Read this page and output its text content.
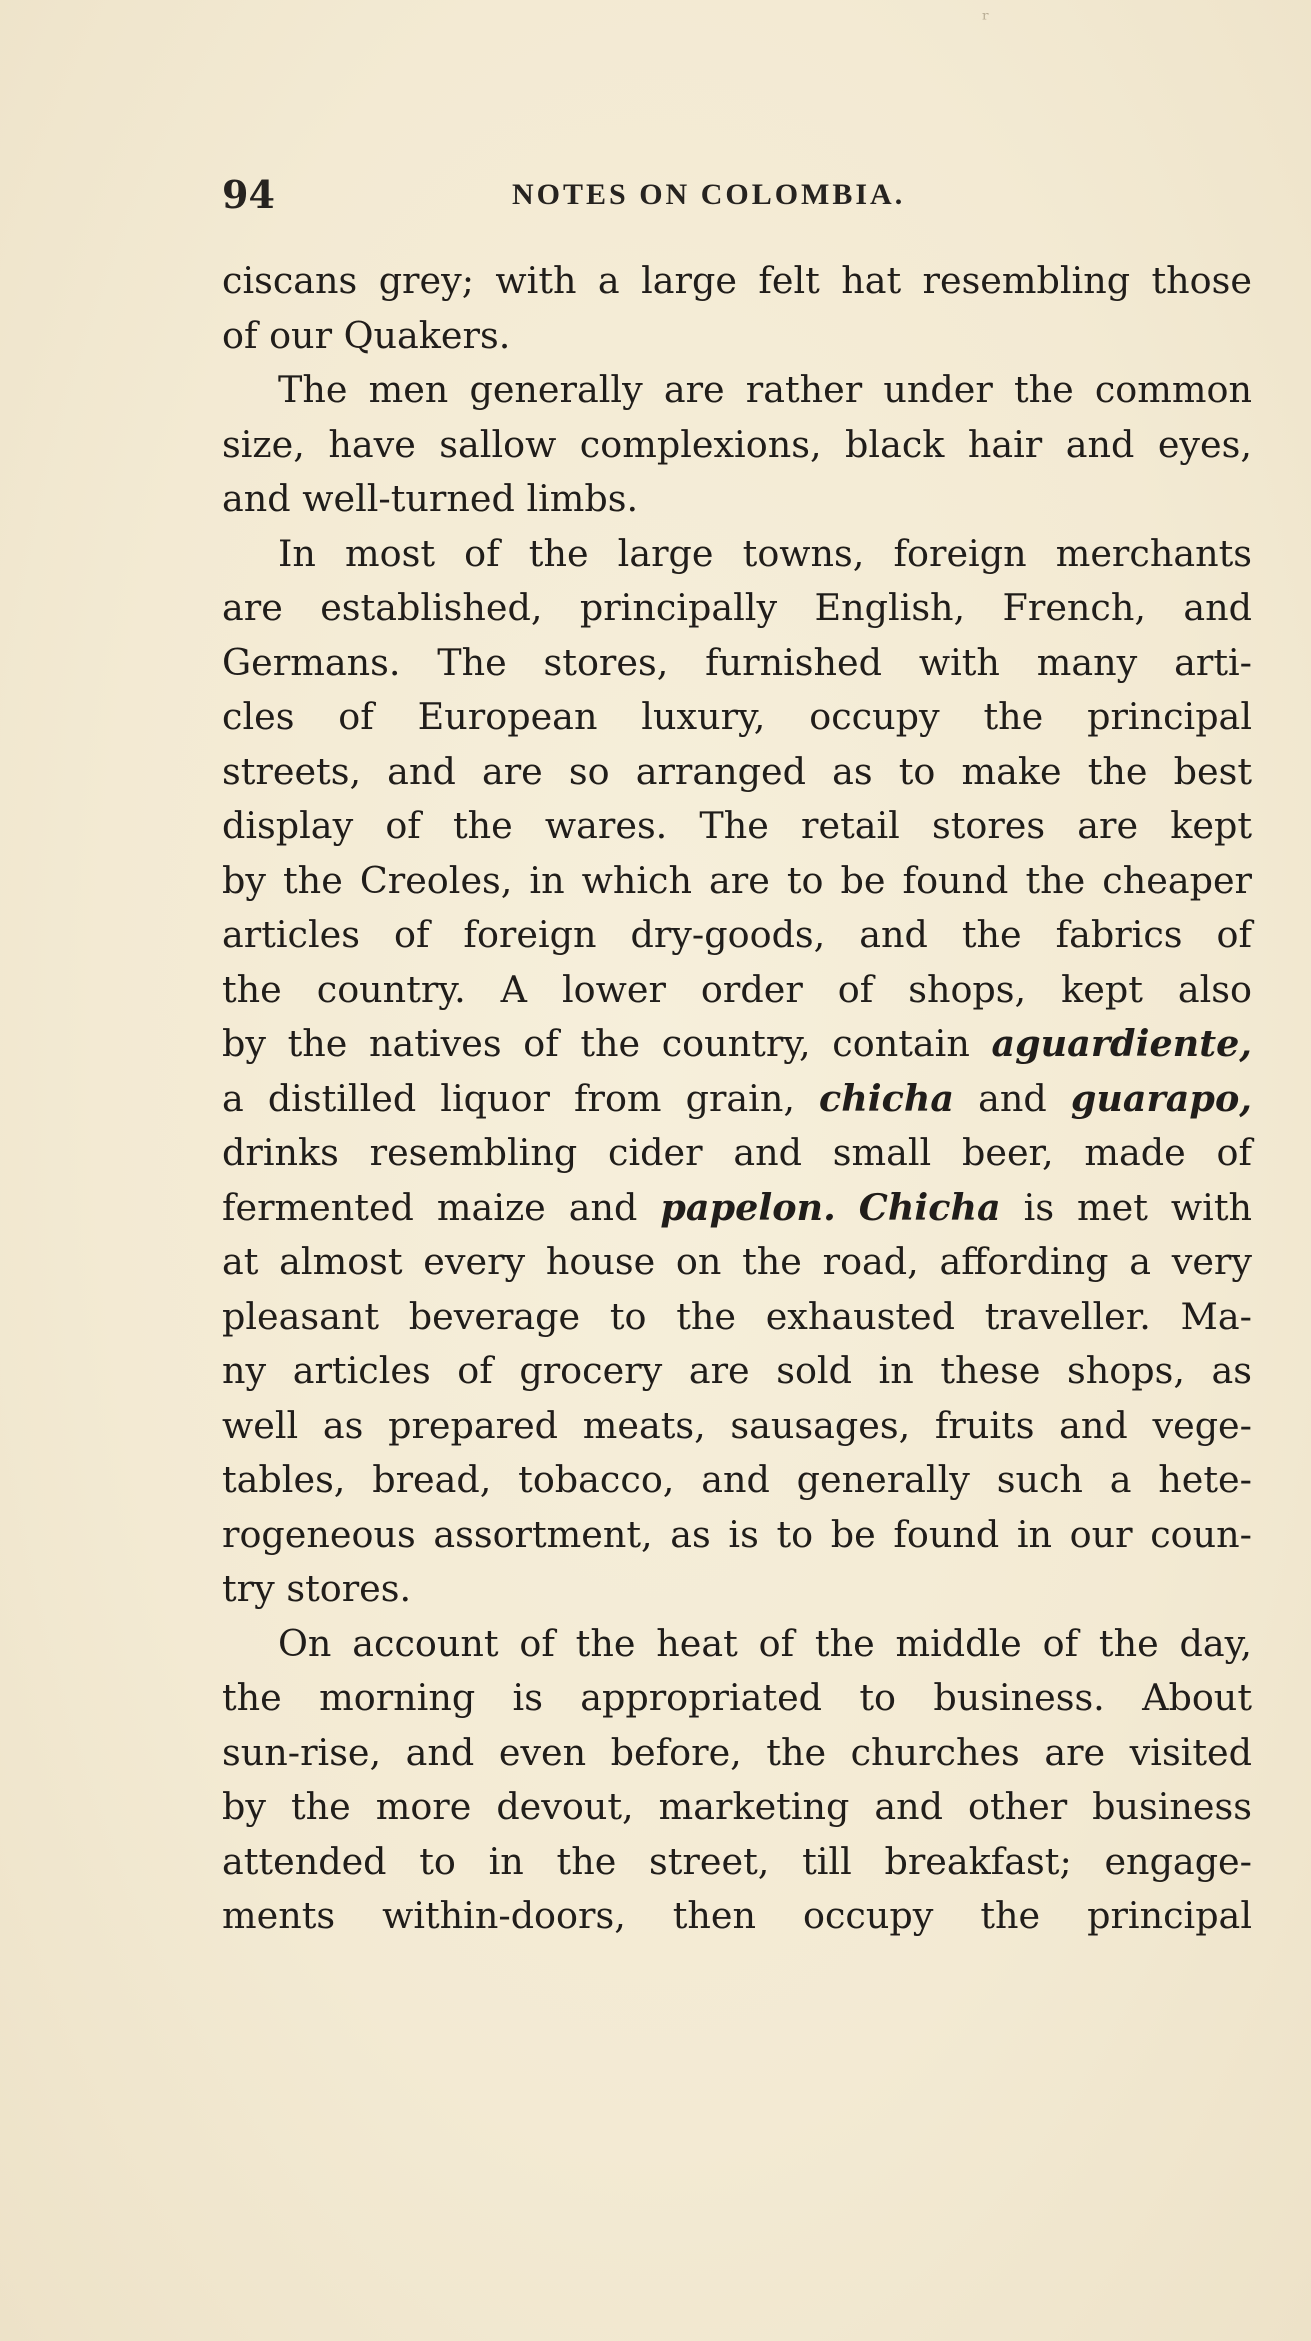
ʳ
94	NOTES ON COLOMBIA.
ciscans grey; with a large felt hat resembling those
of our Quakers.
The men generally are rather under the common
size, have sallow complexions, black hair and eyes,
and well-turned limbs.
In most of the large towns, foreign merchants
are established, principally English, French, and
Germans. The stores, furnished with many arti-
cles of European luxury, occupy the principal
streets, and are so arranged as to make the best
display of the wares. The retail stores are kept
by the Creoles, in which are to be found the cheaper
articles of foreign dry-goods, and the fabrics of
the country. A lower order of shops, kept also
by the natives of the country, contain aguardiente,
a distilled liquor from grain, chicha and guarapo,
drinks resembling cider and small beer, made of
fermented maize and papelon. Chicha is met with
at almost every house on the road, affording a very
pleasant beverage to the exhausted traveller. Ma-
ny articles of grocery are sold in these shops, as
well as prepared meats, sausages, fruits and vege-
tables, bread, tobacco, and generally such a hete-
rogeneous assortment, as is to be found in our coun-
try stores.
On account of the heat of the middle of the day,
the morning is appropriated to business. About
sun-rise, and even before, the churches are visited
by the more devout, marketing and other business
attended to in the street, till breakfast; engage-
ments within-doors, then occupy the principal
